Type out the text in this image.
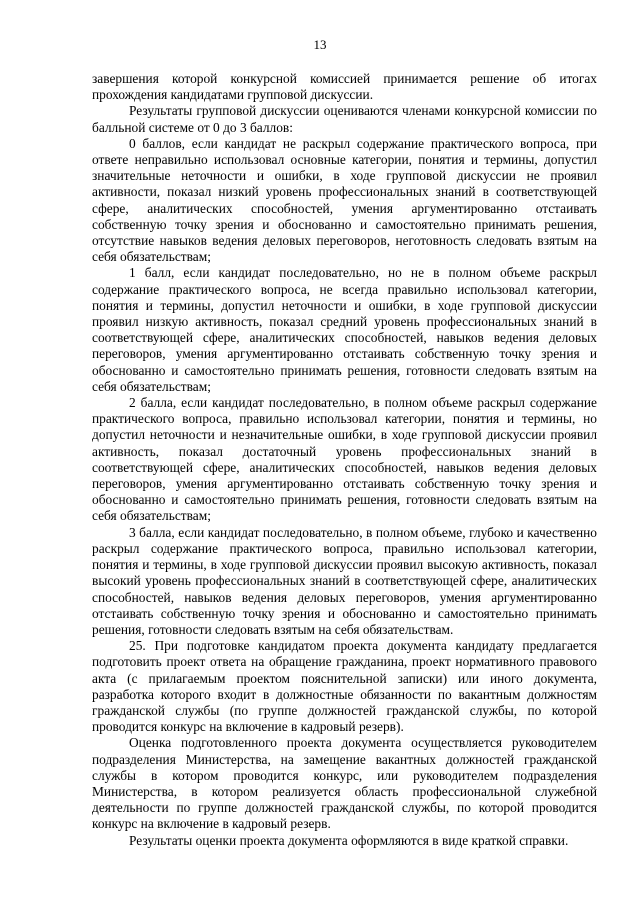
13

завершения которой конкурсной комиссией принимается решение об итогах прохождения кандидатами групповой дискуссии.

Результаты групповой дискуссии оцениваются членами конкурсной комиссии по балльной системе от 0 до 3 баллов:

0 баллов, если кандидат не раскрыл содержание практического вопроса, при ответе неправильно использовал основные категории, понятия и термины, допустил значительные неточности и ошибки, в ходе групповой дискуссии не проявил активности, показал низкий уровень профессиональных знаний в соответствующей сфере, аналитических способностей, умения аргументированно отстаивать собственную точку зрения и обоснованно и самостоятельно принимать решения, отсутствие навыков ведения деловых переговоров, неготовность следовать взятым на себя обязательствам;

1 балл, если кандидат последовательно, но не в полном объеме раскрыл содержание практического вопроса, не всегда правильно использовал категории, понятия и термины, допустил неточности и ошибки, в ходе групповой дискуссии проявил низкую активность, показал средний уровень профессиональных знаний в соответствующей сфере, аналитических способностей, навыков ведения деловых переговоров, умения аргументированно отстаивать собственную точку зрения и обоснованно и самостоятельно принимать решения, готовности следовать взятым на себя обязательствам;

2 балла, если кандидат последовательно, в полном объеме раскрыл содержание практического вопроса, правильно использовал категории, понятия и термины, но допустил неточности и незначительные ошибки, в ходе групповой дискуссии проявил активность, показал достаточный уровень профессиональных знаний в соответствующей сфере, аналитических способностей, навыков ведения деловых переговоров, умения аргументированно отстаивать собственную точку зрения и обоснованно и самостоятельно принимать решения, готовности следовать взятым на себя обязательствам;

3 балла, если кандидат последовательно, в полном объеме, глубоко и качественно раскрыл содержание практического вопроса, правильно использовал категории, понятия и термины, в ходе групповой дискуссии проявил высокую активность, показал высокий уровень профессиональных знаний в соответствующей сфере, аналитических способностей, навыков ведения деловых переговоров, умения аргументированно отстаивать собственную точку зрения и обоснованно и самостоятельно принимать решения, готовности следовать взятым на себя обязательствам.

25. При подготовке кандидатом проекта документа кандидату предлагается подготовить проект ответа на обращение гражданина, проект нормативного правового акта (с прилагаемым проектом пояснительной записки) или иного документа, разработка которого входит в должностные обязанности по вакантным должностям гражданской службы (по группе должностей гражданской службы, по которой проводится конкурс на включение в кадровый резерв).

Оценка подготовленного проекта документа осуществляется руководителем подразделения Министерства, на замещение вакантных должностей гражданской службы в котором проводится конкурс, или руководителем подразделения Министерства, в котором реализуется область профессиональной служебной деятельности по группе должностей гражданской службы, по которой проводится конкурс на включение в кадровый резерв.

Результаты оценки проекта документа оформляются в виде краткой справки.
